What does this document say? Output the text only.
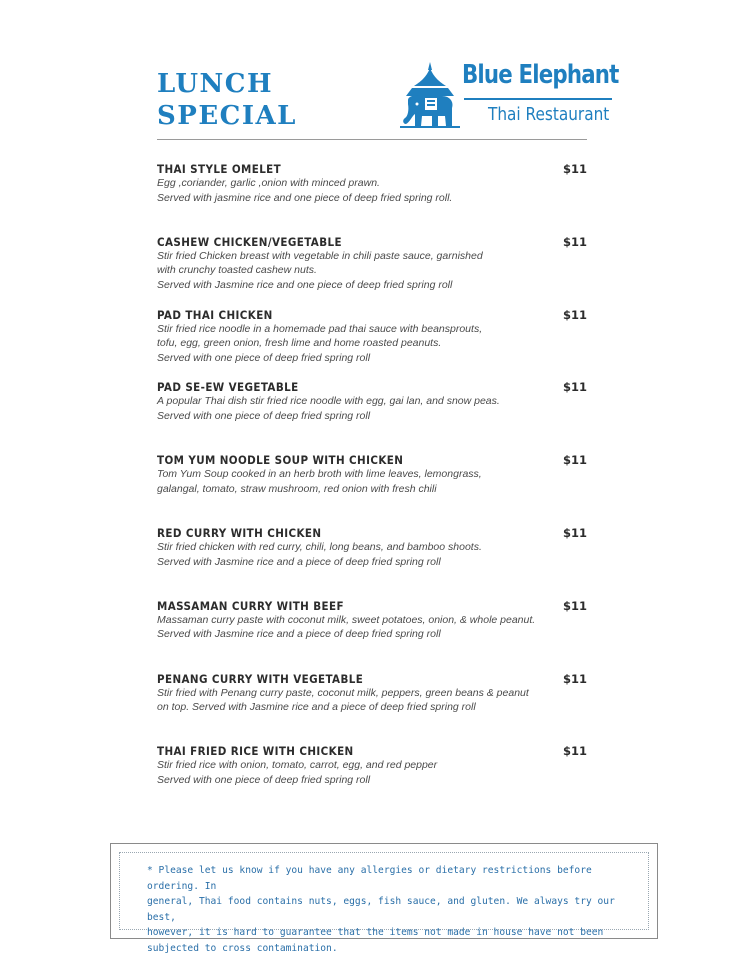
LUNCH
SPECIAL
Blue Elephant
Thai Restaurant
THAI STYLE OMELET	$11
Egg ,coriander, garlic ,onion with minced prawn.
Served with jasmine rice and one piece of deep fried spring roll.
CASHEW CHICKEN/VEGETABLE	$11
Stir fried Chicken breast with vegetable in chili paste sauce, garnished
with crunchy toasted cashew nuts.
Served with Jasmine rice and one piece of deep fried spring roll
PAD THAI CHICKEN	$11
Stir fried rice noodle in a homemade pad thai sauce with beansprouts,
tofu, egg, green onion, fresh lime and home roasted peanuts.
Served with one piece of deep fried spring roll
PAD SE-EW VEGETABLE	$11
A popular Thai dish stir fried rice noodle with egg, gai lan, and snow peas.
Served with one piece of deep fried spring roll
TOM YUM NOODLE SOUP WITH CHICKEN	$11
Tom Yum Soup cooked in an herb broth with lime leaves, lemongrass,
galangal, tomato, straw mushroom, red onion with fresh chili
RED CURRY WITH CHICKEN	$11
Stir fried chicken with red curry, chili, long beans, and bamboo shoots.
Served with Jasmine rice and a piece of deep fried spring roll
MASSAMAN CURRY WITH BEEF	$11
Massaman curry paste with coconut milk, sweet potatoes, onion, & whole peanut.
Served with Jasmine rice and a piece of deep fried spring roll
PENANG CURRY WITH VEGETABLE	$11
Stir fried with Penang curry paste, coconut milk, peppers, green beans & peanut
on top. Served with Jasmine rice and a piece of deep fried spring roll
THAI FRIED RICE WITH CHICKEN	$11
Stir fried rice with onion, tomato, carrot, egg, and red pepper
Served with one piece of deep fried spring roll
* Please let us know if you have any allergies or dietary restrictions before ordering. In
general, Thai food contains nuts, eggs, fish sauce, and gluten. We always try our best,
however, it is hard to guarantee that the items not made in house have not been
subjected to cross contamination.
